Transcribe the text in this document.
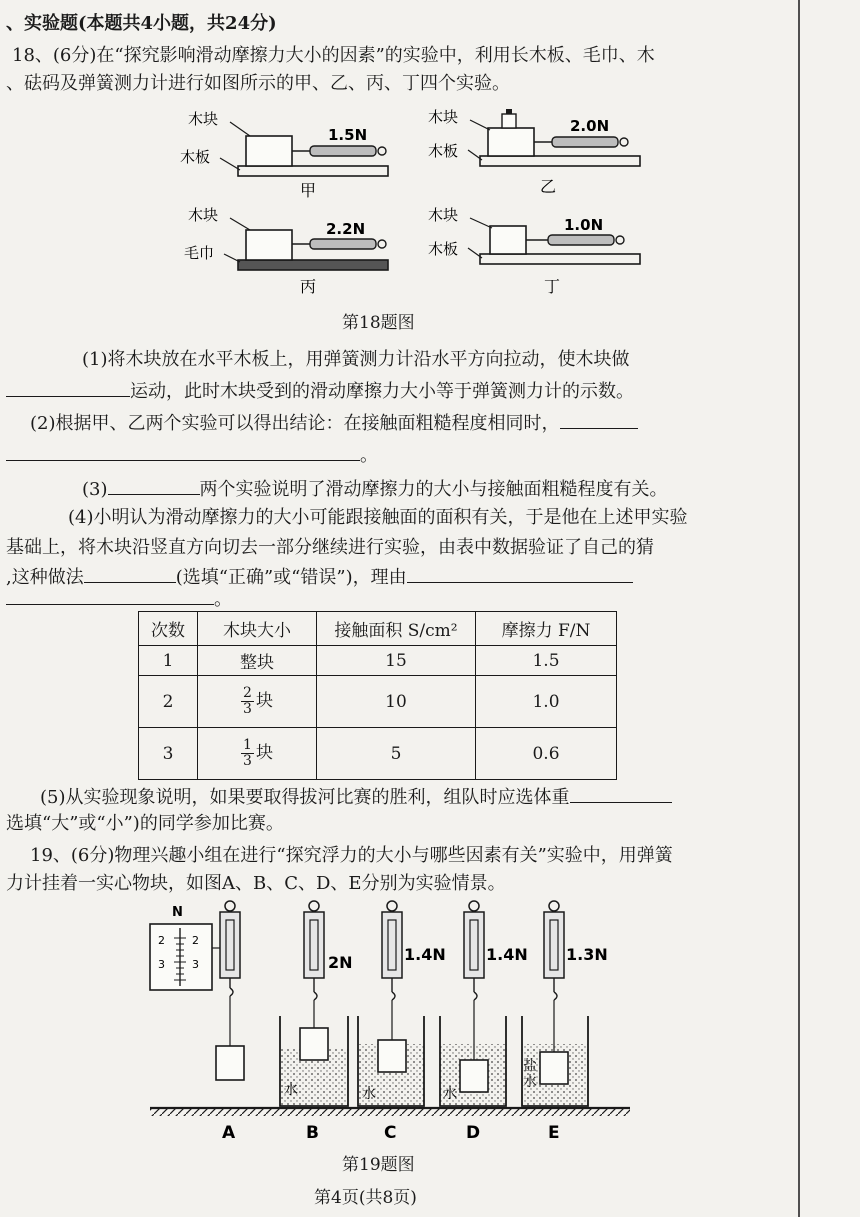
、实验题(本题共4小题，共24分)
18、(6分)在“探究影响滑动摩擦力大小的因素”的实验中，利用长木板、毛巾、木
、砝码及弹簧测力计进行如图所示的甲、乙、丙、丁四个实验。
1.5N
木块
木板
甲
2.0N
木块
木板
乙
2.2N
木块
毛巾
丙
1.0N
木块
木板
丁
第18题图
(1)将木块放在水平木板上，用弹簧测力计沿水平方向拉动，使木块做
运动，此时木块受到的滑动摩擦力大小等于弹簧测力计的示数。
(2)根据甲、乙两个实验可以得出结论：在接触面粗糙程度相同时，
。
(3)	两个实验说明了滑动摩擦力的大小与接触面粗糙程度有关。
(4)小明认为滑动摩擦力的大小可能跟接触面的面积有关，于是他在上述甲实验
基础上，将木块沿竖直方向切去一部分继续进行实验，由表中数据验证了自己的猜
,这种做法	(选填“正确”或“错误”)，理由
。
次数	木块大小	接触面积 S/cm²	摩擦力 F/N
1	整块	15	1.5
2	$\frac{2}{3}$ 块	10	1.0
3	$\frac{1}{3}$ 块	5	0.6
(5)从实验现象说明，如果要取得拔河比赛的胜利，组队时应选体重
选填“大”或“小”)的同学参加比赛。
19、(6分)物理兴趣小组在进行“探究浮力的大小与哪些因素有关”实验中，用弹簧
力计挂着一实心物块，如图A、B、C、D、E分别为实验情景。
N
2 2
3 3
A
2N
水
B
1.4N
水
C
1.4N
水
D
1.3N
盐水
E
第19题图
第4页(共8页)
